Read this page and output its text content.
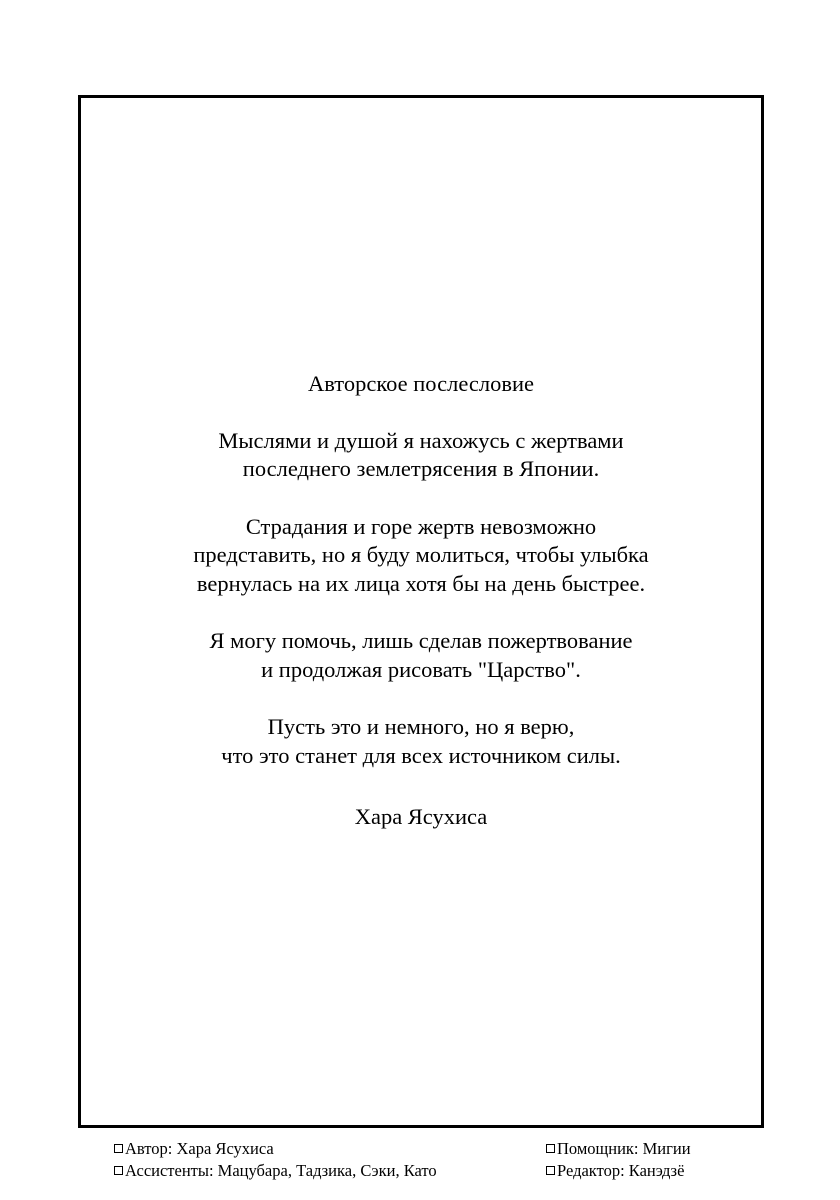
Авторское послесловие

Мыслями и душой я нахожусь с жертвами
последнего землетрясения в Японии.

Страдания и горе жертв невозможно
представить, но я буду молиться, чтобы улыбка
вернулась на их лица хотя бы на день быстрее.

Я могу помочь, лишь сделав пожертвование
и продолжая рисовать "Царство".

Пусть это и немного, но я верю,
что это станет для всех источником силы.

Хара Ясухиса

Автор: Хара Ясухиса
Ассистенты: Мацубара, Тадзика, Сэки, Като
Помощник: Мигии
Редактор: Канэдзё
